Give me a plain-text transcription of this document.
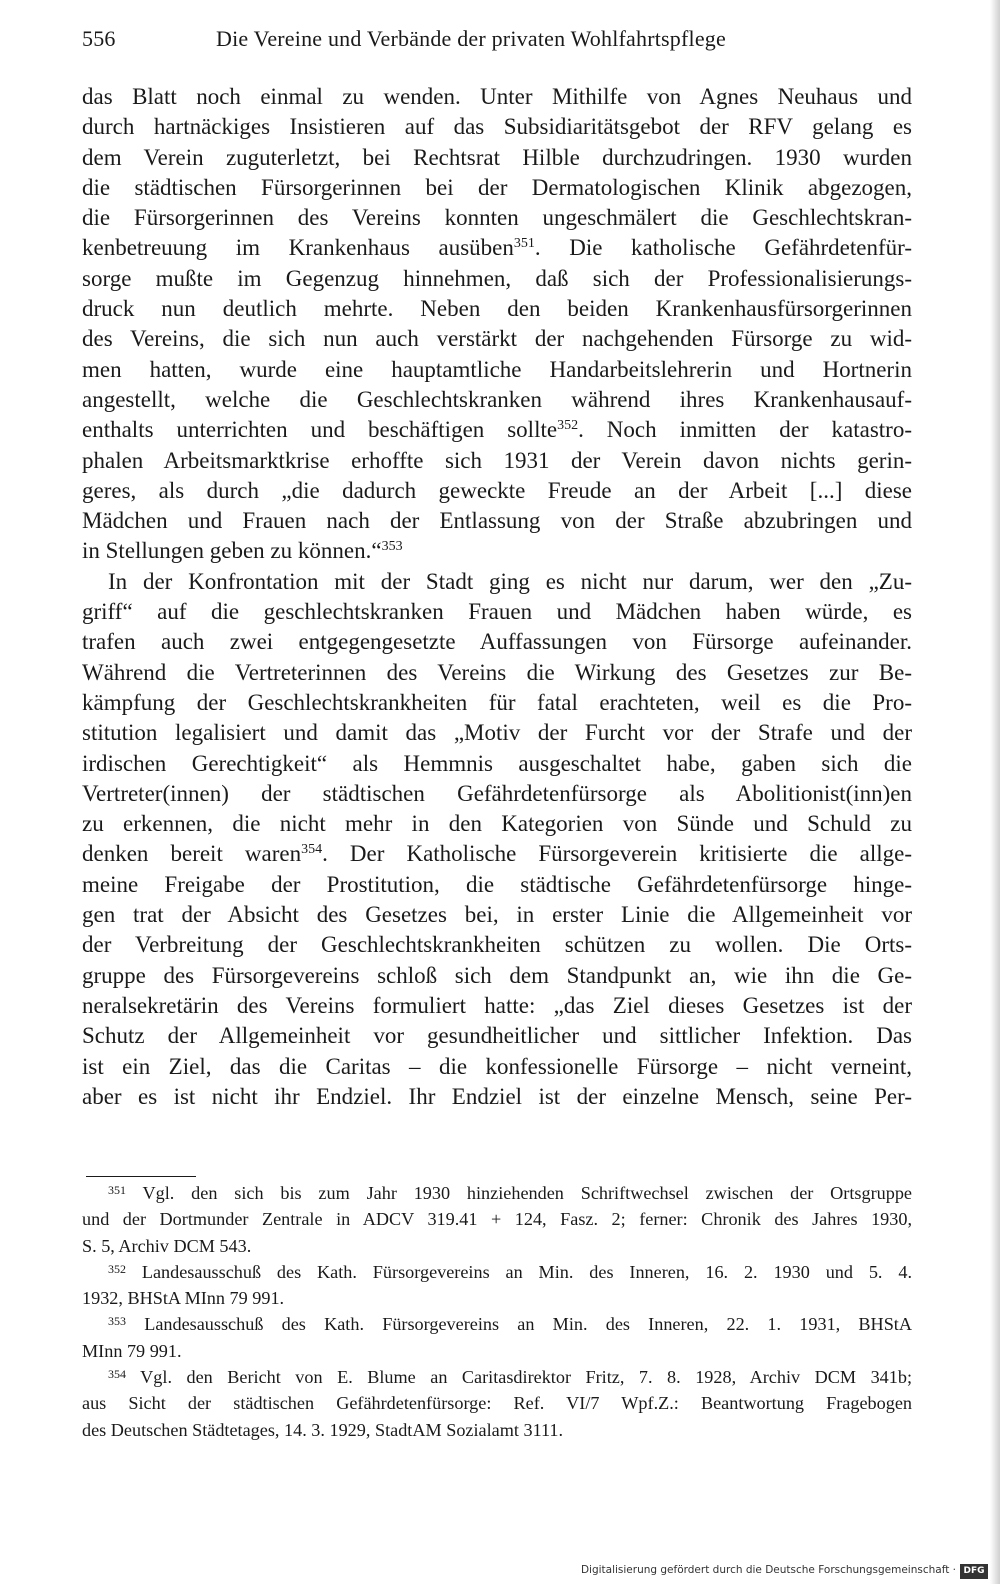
556	Die Vereine und Verbände der privaten Wohlfahrtspflege
das Blatt noch einmal zu wenden. Unter Mithilfe von Agnes Neuhaus und
durch hartnäckiges Insistieren auf das Subsidiaritätsgebot der RFV gelang es
dem Verein zuguterletzt, bei Rechtsrat Hilble durchzudringen. 1930 wurden
die städtischen Fürsorgerinnen bei der Dermatologischen Klinik abgezogen,
die Fürsorgerinnen des Vereins konnten ungeschmälert die Geschlechtskran-
kenbetreuung im Krankenhaus ausüben$^{351}$. Die katholische Gefährdetenfür-
sorge mußte im Gegenzug hinnehmen, daß sich der Professionalisierungs-
druck nun deutlich mehrte. Neben den beiden Krankenhausfürsorgerinnen
des Vereins, die sich nun auch verstärkt der nachgehenden Fürsorge zu wid-
men hatten, wurde eine hauptamtliche Handarbeitslehrerin und Hortnerin
angestellt, welche die Geschlechtskranken während ihres Krankenhausauf-
enthalts unterrichten und beschäftigen sollte$^{352}$. Noch inmitten der katastro-
phalen Arbeitsmarktkrise erhoffte sich 1931 der Verein davon nichts gerin-
geres, als durch „die dadurch geweckte Freude an der Arbeit [...] diese
Mädchen und Frauen nach der Entlassung von der Straße abzubringen und
in Stellungen geben zu können.“$^{353}$
In der Konfrontation mit der Stadt ging es nicht nur darum, wer den „Zu-
griff“ auf die geschlechtskranken Frauen und Mädchen haben würde, es
trafen auch zwei entgegengesetzte Auffassungen von Fürsorge aufeinander.
Während die Vertreterinnen des Vereins die Wirkung des Gesetzes zur Be-
kämpfung der Geschlechtskrankheiten für fatal erachteten, weil es die Pro-
stitution legalisiert und damit das „Motiv der Furcht vor der Strafe und der
irdischen Gerechtigkeit“ als Hemmnis ausgeschaltet habe, gaben sich die
Vertreter(innen) der städtischen Gefährdetenfürsorge als Abolitionist(inn)en
zu erkennen, die nicht mehr in den Kategorien von Sünde und Schuld zu
denken bereit waren$^{354}$. Der Katholische Fürsorgeverein kritisierte die allge-
meine Freigabe der Prostitution, die städtische Gefährdetenfürsorge hinge-
gen trat der Absicht des Gesetzes bei, in erster Linie die Allgemeinheit vor
der Verbreitung der Geschlechtskrankheiten schützen zu wollen. Die Orts-
gruppe des Fürsorgevereins schloß sich dem Standpunkt an, wie ihn die Ge-
neralsekretärin des Vereins formuliert hatte: „das Ziel dieses Gesetzes ist der
Schutz der Allgemeinheit vor gesundheitlicher und sittlicher Infektion. Das
ist ein Ziel, das die Caritas – die konfessionelle Fürsorge – nicht verneint,
aber es ist nicht ihr Endziel. Ihr Endziel ist der einzelne Mensch, seine Per-
$^{351}$ Vgl. den sich bis zum Jahr 1930 hinziehenden Schriftwechsel zwischen der Ortsgruppe
und der Dortmunder Zentrale in ADCV 319.41 + 124, Fasz. 2; ferner: Chronik des Jahres 1930,
S. 5, Archiv DCM 543.
$^{352}$ Landesausschuß des Kath. Fürsorgevereins an Min. des Inneren, 16. 2. 1930 und 5. 4.
1932, BHStA MInn 79 991.
$^{353}$ Landesausschuß des Kath. Fürsorgevereins an Min. des Inneren, 22. 1. 1931, BHStA
MInn 79 991.
$^{354}$ Vgl. den Bericht von E. Blume an Caritasdirektor Fritz, 7. 8. 1928, Archiv DCM 341b;
aus Sicht der städtischen Gefährdetenfürsorge: Ref. VI/7 Wpf.Z.: Beantwortung Fragebogen
des Deutschen Städtetages, 14. 3. 1929, StadtAM Sozialamt 3111.
Digitalisierung gefördert durch die Deutsche Forschungsgemeinschaft · DFG
